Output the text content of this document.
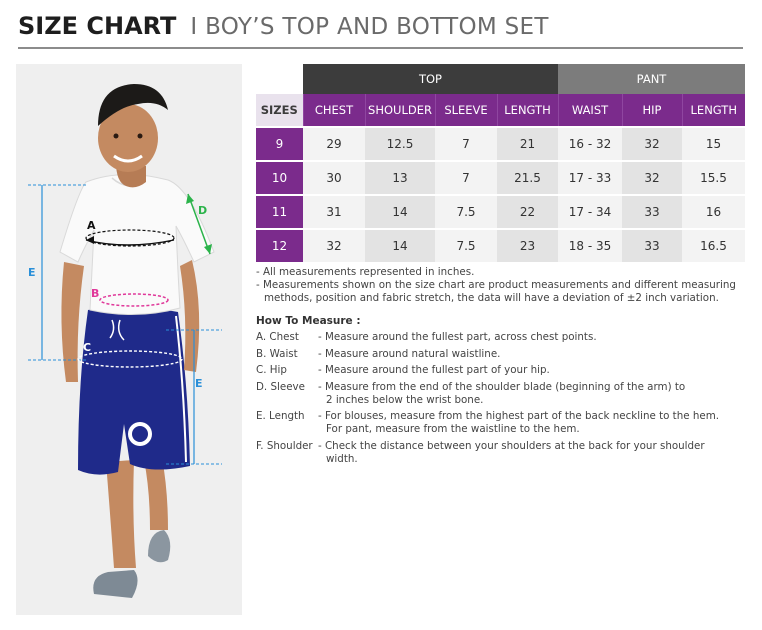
SIZE CHART I BOY’S TOP AND BOTTOM SET
A
B
C
D
E
E
	TOP				PANT		
SIZES	CHEST	SHOULDER	SLEEVE	LENGTH	WAIST	HIP	LENGTH
9	29	12.5	7	21	16 - 32	32	15
10	30	13	7	21.5	17 - 33	32	15.5
11	31	14	7.5	22	17 - 34	33	16
12	32	14	7.5	23	18 - 35	33	16.5

- All measurements represented in inches.

- Measurements shown on the size chart are product measurements and different measuring

methods, position and fabric stretch, the data will have a deviation of ±2 inch variation.

How To Measure :
A. Chest	- Measure around the fullest part, across chest points.
B. Waist	- Measure around natural waistline.
C. Hip	- Measure around the fullest part of your hip.
D. Sleeve	- Measure from the end of the shoulder blade (beginning of the arm) to
2 inches below the wrist bone.
E. Length	- For blouses, measure from the highest part of the back neckline to the hem.
For pant, measure from the waistline to the hem.
F. Shoulder - Check the distance between your shoulders at the back for your shoulder
width.
